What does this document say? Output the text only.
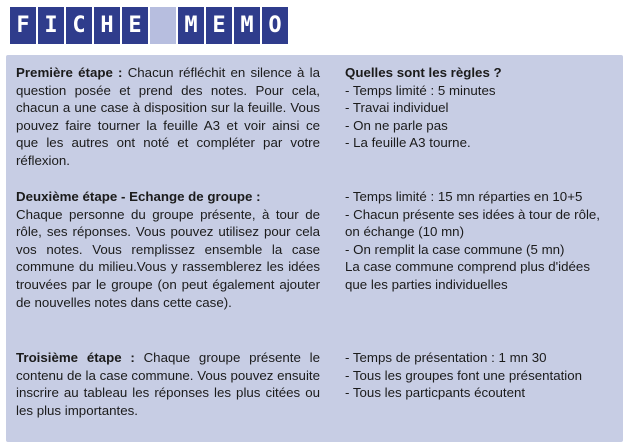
F I C H E M E M O

Première étape : Chacun réfléchit en silence à la question posée et prend des notes. Pour cela, chacun a une case à disposition sur la feuille. Vous pouvez faire tourner la feuille A3 et voir ainsi ce que les autres ont noté et compléter par votre réflexion.

Quelles sont les règles ?
- Temps limité : 5 minutes
- Travai individuel
- On ne parle pas
- La feuille A3 tourne.
Deuxième étape - Echange de groupe :

Chaque personne du groupe présente, à tour de rôle, ses réponses. Vous pouvez utilisez pour cela vos notes. Vous remplissez ensemble la case commune du milieu.Vous y rassemblerez les idées trouvées par le groupe (on peut également ajouter de nouvelles notes dans cette case).

- Temps limité : 15 mn réparties en 10+5
- Chacun présente ses idées à tour de rôle, on échange (10 mn)
- On remplit la case commune (5 mn)
La case commune comprend plus d'idées que les parties individuelles

Troisième étape : Chaque groupe présente le contenu de la case commune. Vous pouvez ensuite inscrire au tableau les réponses les plus citées ou les plus importantes.

- Temps de présentation : 1 mn 30
- Tous les groupes font une présentation
- Tous les particpants écoutent
